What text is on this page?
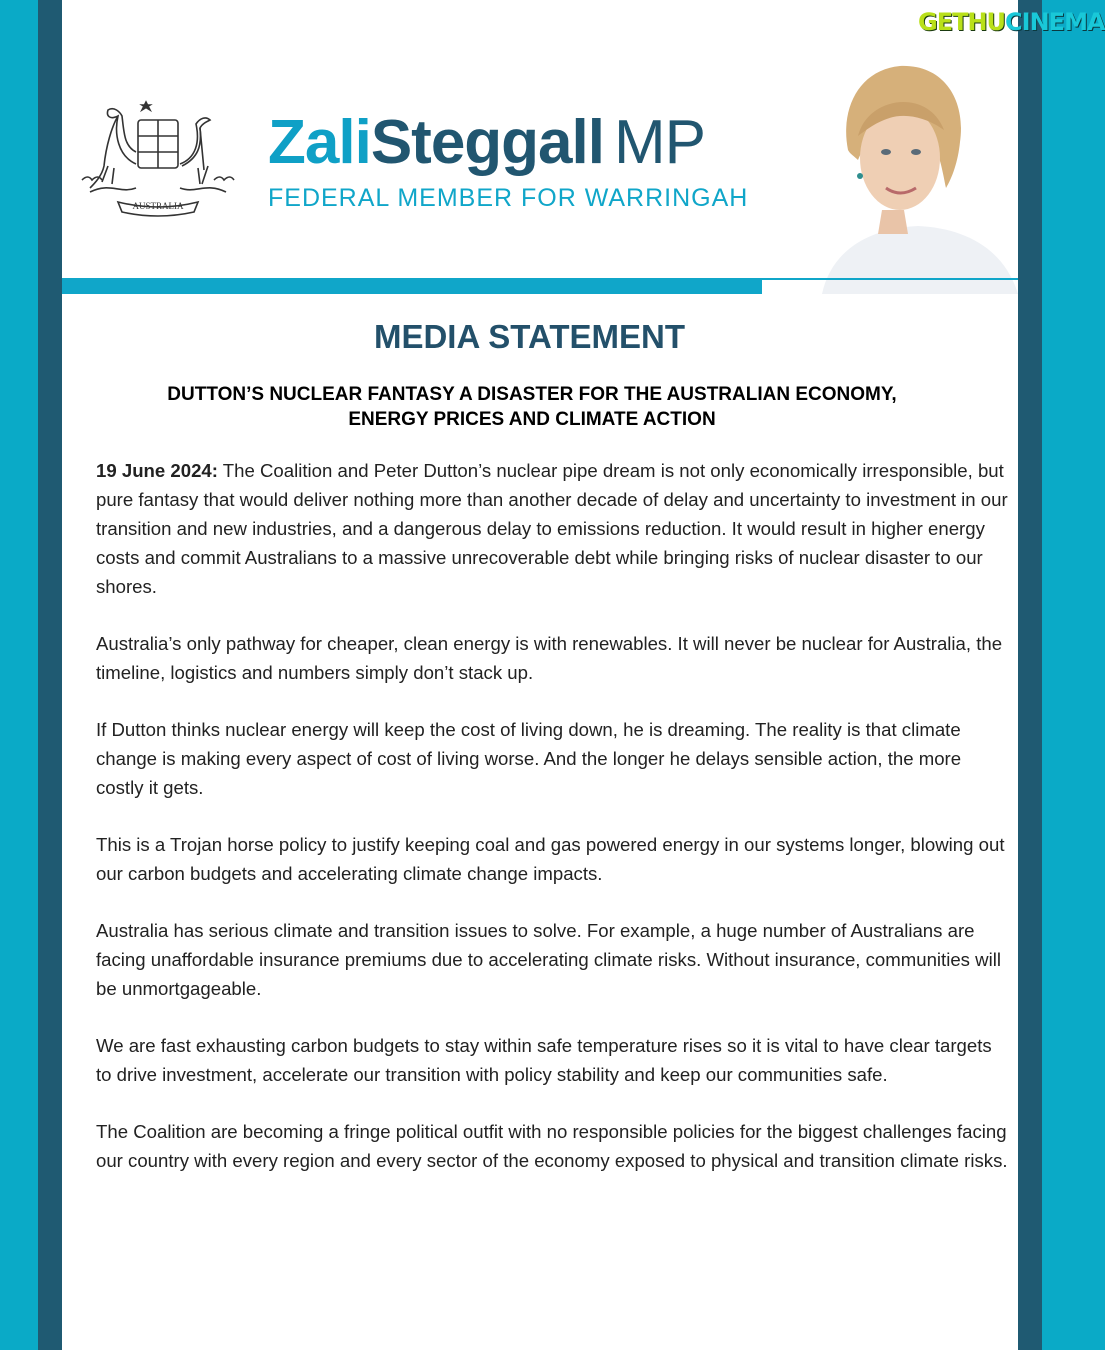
AUSTRALIA
ZaliSteggall MP
FEDERAL MEMBER FOR WARRINGAH
MEDIA STATEMENT
DUTTON’S NUCLEAR FANTASY A DISASTER FOR THE AUSTRALIAN ECONOMY,
ENERGY PRICES AND CLIMATE ACTION

19 June 2024: The Coalition and Peter Dutton’s nuclear pipe dream is not only economically irresponsible, but pure fantasy that would deliver nothing more than another decade of delay and uncertainty to investment in our transition and new industries, and a dangerous delay to emissions reduction. It would result in higher energy costs and commit Australians to a massive unrecoverable debt while bringing risks of nuclear disaster to our shores.

Australia’s only pathway for cheaper, clean energy is with renewables. It will never be nuclear for Australia, the timeline, logistics and numbers simply don’t stack up.

If Dutton thinks nuclear energy will keep the cost of living down, he is dreaming. The reality is that climate change is making every aspect of cost of living worse. And the longer he delays sensible action, the more costly it gets.

This is a Trojan horse policy to justify keeping coal and gas powered energy in our systems longer, blowing out our carbon budgets and accelerating climate change impacts.

Australia has serious climate and transition issues to solve. For example, a huge number of Australians are facing unaffordable insurance premiums due to accelerating climate risks. Without insurance, communities will be unmortgageable.

We are fast exhausting carbon budgets to stay within safe temperature rises so it is vital to have clear targets to drive investment, accelerate our transition with policy stability and keep our communities safe.

The Coalition are becoming a fringe political outfit with no responsible policies for the biggest challenges facing our country with every region and every sector of the economy exposed to physical and transition climate risks.

GETHUCINEMA
